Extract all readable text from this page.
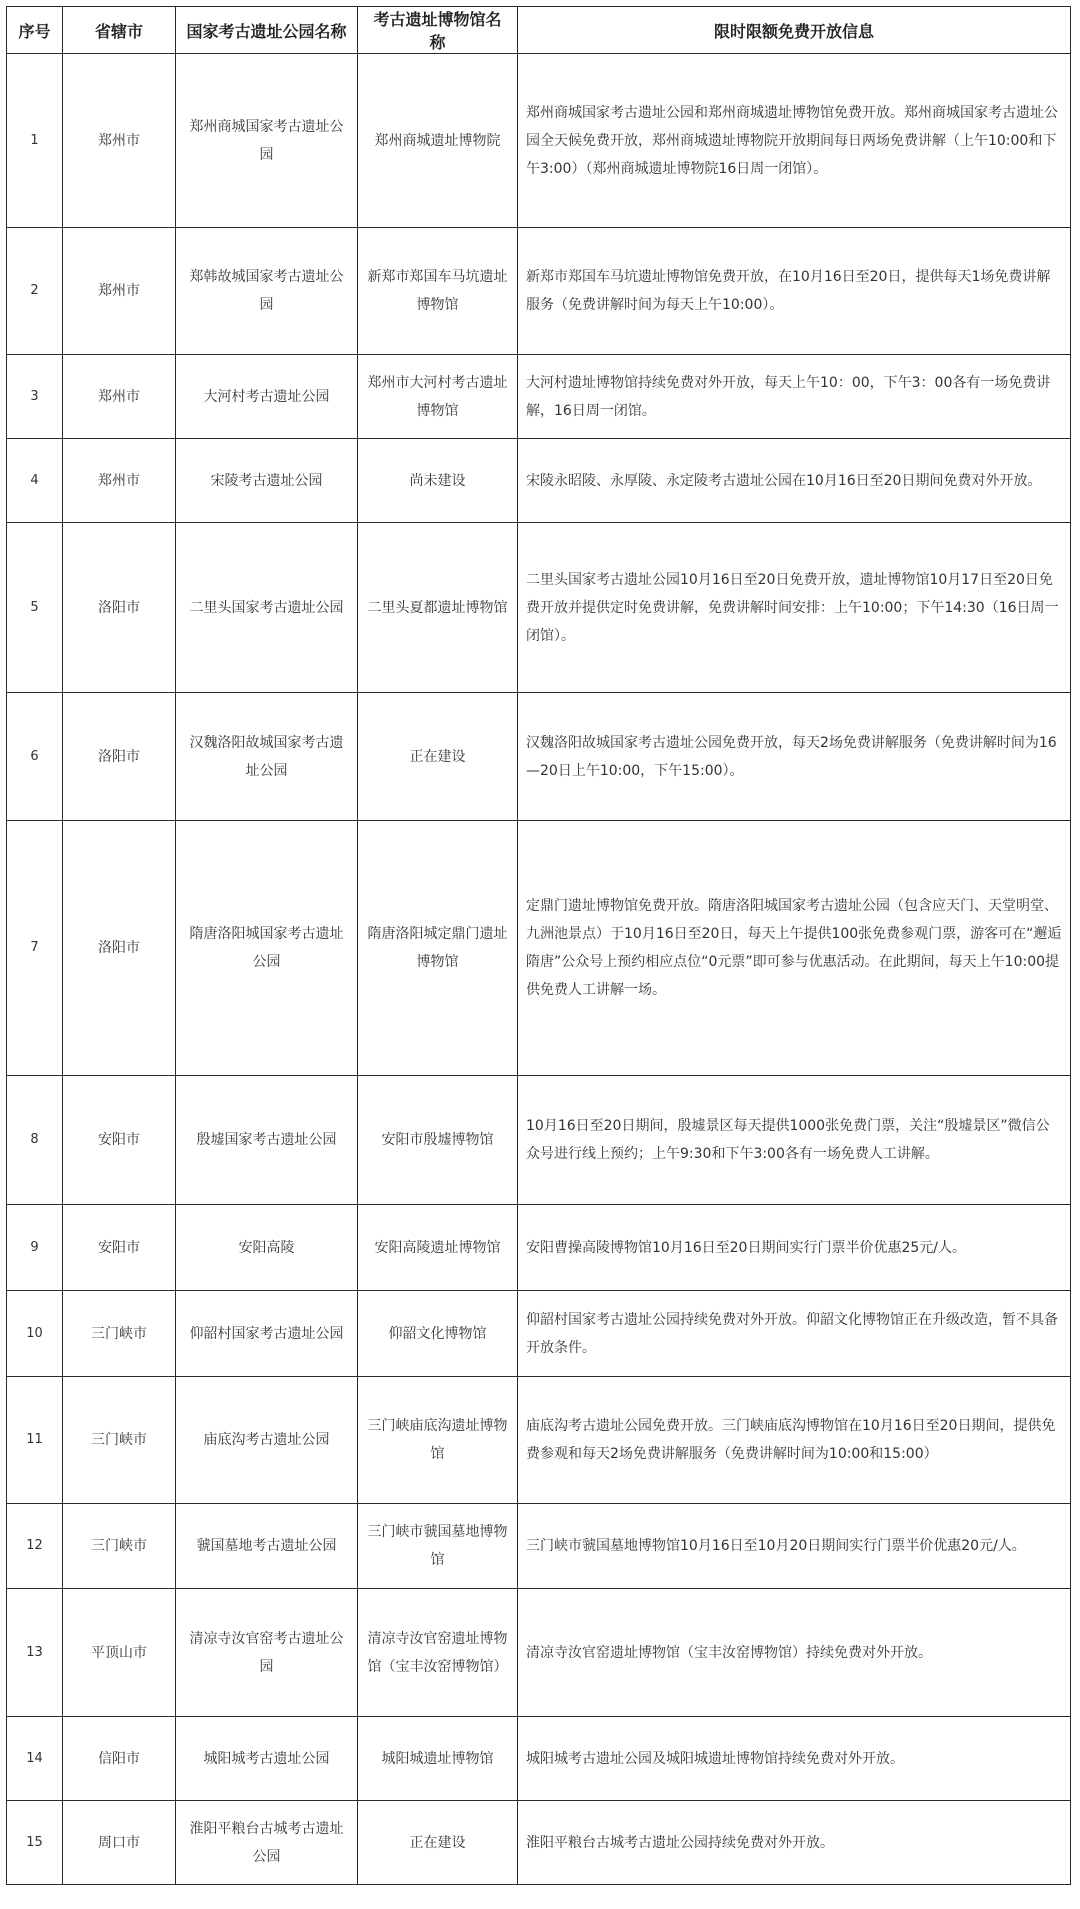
序号	省辖市	国家考古遗址公园名称	考古遗址博物馆名称	限时限额免费开放信息
1	郑州市	郑州商城国家考古遗址公园	郑州商城遗址博物院	郑州商城国家考古遗址公园和郑州商城遗址博物馆免费开放。郑州商城国家考古遗址公园全天候免费开放，郑州商城遗址博物院开放期间每日两场免费讲解（上午10:00和下午3:00）（郑州商城遗址博物院16日周一闭馆）。
2	郑州市	郑韩故城国家考古遗址公园	新郑市郑国车马坑遗址博物馆	新郑市郑国车马坑遗址博物馆免费开放，在10月16日至20日，提供每天1场免费讲解服务（免费讲解时间为每天上午10:00）。
3	郑州市	大河村考古遗址公园	郑州市大河村考古遗址博物馆	大河村遗址博物馆持续免费对外开放，每天上午10：00，下午3：00各有一场免费讲解，16日周一闭馆。
4	郑州市	宋陵考古遗址公园	尚未建设	宋陵永昭陵、永厚陵、永定陵考古遗址公园在10月16日至20日期间免费对外开放。
5	洛阳市	二里头国家考古遗址公园	二里头夏都遗址博物馆	二里头国家考古遗址公园10月16日至20日免费开放，遗址博物馆10月17日至20日免费开放并提供定时免费讲解，免费讲解时间安排：上午10:00；下午14:30（16日周一闭馆）。
6	洛阳市	汉魏洛阳故城国家考古遗址公园	正在建设	汉魏洛阳故城国家考古遗址公园免费开放，每天2场免费讲解服务（免费讲解时间为16—20日上午10:00，下午15:00）。
7	洛阳市	隋唐洛阳城国家考古遗址公园	隋唐洛阳城定鼎门遗址博物馆	定鼎门遗址博物馆免费开放。隋唐洛阳城国家考古遗址公园（包含应天门、天堂明堂、九洲池景点）于10月16日至20日，每天上午提供100张免费参观门票，游客可在“邂逅隋唐”公众号上预约相应点位“0元票”即可参与优惠活动。在此期间，每天上午10:00提供免费人工讲解一场。
8	安阳市	殷墟国家考古遗址公园	安阳市殷墟博物馆	10月16日至20日期间，殷墟景区每天提供1000张免费门票，关注“殷墟景区”微信公众号进行线上预约；上午9:30和下午3:00各有一场免费人工讲解。
9	安阳市	安阳高陵	安阳高陵遗址博物馆	安阳曹操高陵博物馆10月16日至20日期间实行门票半价优惠25元/人。
10	三门峡市	仰韶村国家考古遗址公园	仰韶文化博物馆	仰韶村国家考古遗址公园持续免费对外开放。仰韶文化博物馆正在升级改造，暂不具备开放条件。
11	三门峡市	庙底沟考古遗址公园	三门峡庙底沟遗址博物馆	庙底沟考古遗址公园免费开放。三门峡庙底沟博物馆在10月16日至20日期间，提供免费参观和每天2场免费讲解服务（免费讲解时间为10:00和15:00）
12	三门峡市	虢国墓地考古遗址公园	三门峡市虢国墓地博物馆	三门峡市虢国墓地博物馆10月16日至10月20日期间实行门票半价优惠20元/人。
13	平顶山市	清凉寺汝官窑考古遗址公园	清凉寺汝官窑遗址博物馆（宝丰汝窑博物馆）	清凉寺汝官窑遗址博物馆（宝丰汝窑博物馆）持续免费对外开放。
14	信阳市	城阳城考古遗址公园	城阳城遗址博物馆	城阳城考古遗址公园及城阳城遗址博物馆持续免费对外开放。
15	周口市	淮阳平粮台古城考古遗址公园	正在建设	淮阳平粮台古城考古遗址公园持续免费对外开放。
